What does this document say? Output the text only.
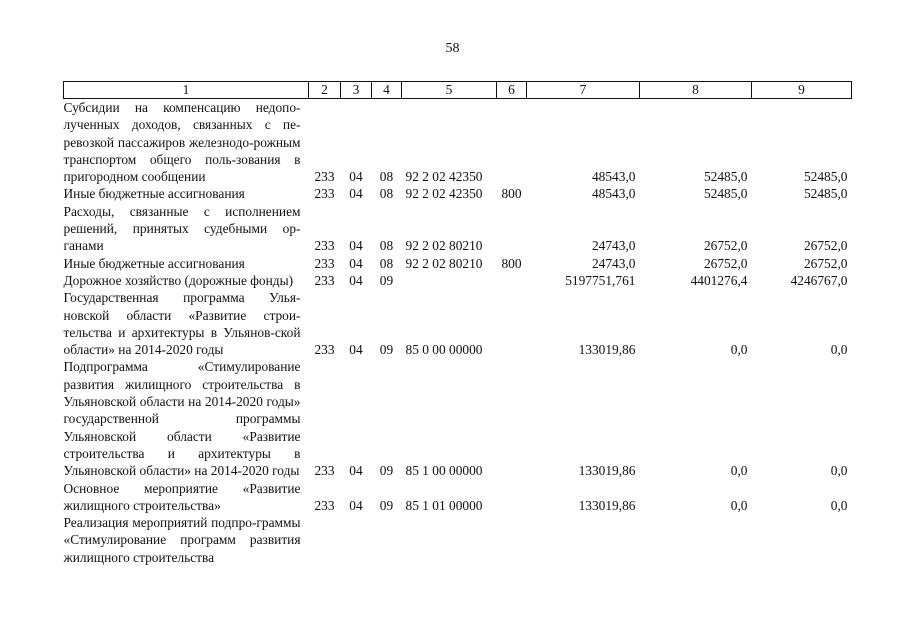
58
1	2	3	4	5	6	7	8	9
Субсидии на компенсацию недопо-лученных доходов, связанных с пе-ревозкой пассажиров железнодо-рожным транспортом общего поль-зования в пригородном сообщении	233	04	08	92 2 02 42350		48543,0	52485,0	52485,0
Иные бюджетные ассигнования	233	04	08	92 2 02 42350	800	48543,0	52485,0	52485,0
Расходы, связанные с исполнением решений, принятых судебными ор-ганами	233	04	08	92 2 02 80210		24743,0	26752,0	26752,0
Иные бюджетные ассигнования	233	04	08	92 2 02 80210	800	24743,0	26752,0	26752,0
Дорожное хозяйство (дорожные фонды)	233	04	09			5197751,761	4401276,4	4246767,0
Государственная программа Улья-новской области «Развитие строи-тельства и архитектуры в Ульянов-ской области» на 2014-2020 годы	233	04	09	85 0 00 00000		133019,86	0,0	0,0
Подпрограмма «Стимулирование развития жилищного строительства в Ульяновской области на 2014-2020 годы» государственной программы Ульяновской области «Развитие строительства и архитектуры в Ульяновской области» на 2014-2020 годы	233	04	09	85 1 00 00000		133019,86	0,0	0,0
Основное мероприятие «Развитие жилищного строительства»	233	04	09	85 1 01 00000		133019,86	0,0	0,0
Реализация мероприятий подпро-граммы «Стимулирование программ развития жилищного строительства								
